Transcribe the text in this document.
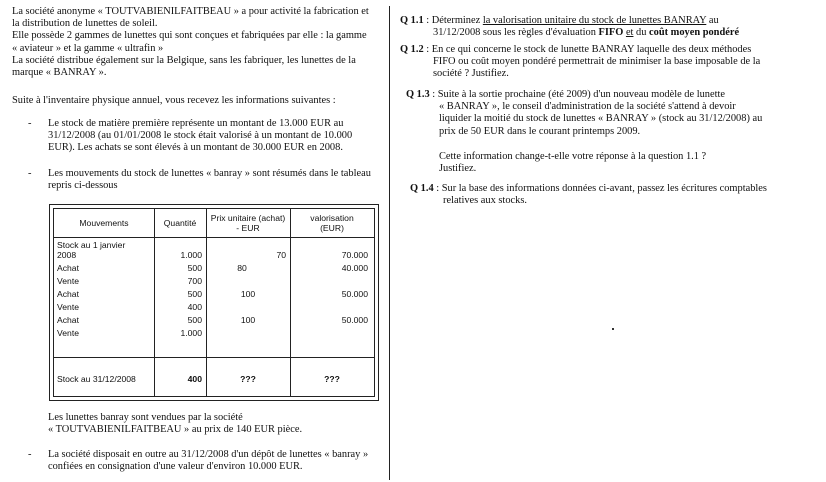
La société anonyme « TOUTVABIENILFAITBEAU » a pour activité la fabrication et

la distribution de lunettes de soleil.

Elle possède 2 gammes de lunettes qui sont conçues et fabriquées par elle : la gamme

« aviateur » et la gamme « ultrafin »

La société distribue également sur la Belgique, sans les fabriquer, les lunettes de la

marque « BANRAY ».

Suite à l'inventaire physique annuel, vous recevez les informations suivantes :
- Le stock de matière première représente un montant de 13.000 EUR au

31/12/2008 (au 01/01/2008 le stock était valorisé à un montant de 10.000

EUR). Les achats se sont élevés à un montant de 30.000 EUR en 2008.

- Les mouvements du stock de lunettes « banray » sont résumés dans le tableau

repris ci-dessous

Mouvements	Quantité	Prix unitaire (achat)
- EUR
valorisation
(EUR)
Stock au 1 janvier
2008	1.000	70	70.000
Achat	500	80	40.000
Vente	700
Achat	500	100	50.000
Vente	400
Achat	500	100	50.000
Vente	1.000
Stock au 31/12/2008	400	???	???

Les lunettes banray sont vendues par la société

« TOUTVABIENILFAITBEAU » au prix de 140 EUR pièce.

- La société disposait en outre au 31/12/2008 d'un dépôt de lunettes « banray »

confiées en consignation d'une valeur d'environ 10.000 EUR.

Q 1.1 : Déterminez la valorisation unitaire du stock de lunettes BANRAY au
31/12/2008 sous les règles d'évaluation FIFO et du coût moyen pondéré
Q 1.2 : En ce qui concerne le stock de lunette BANRAY laquelle des deux méthodes
FIFO ou coût moyen pondéré permettrait de minimiser la base imposable de la
société ? Justifiez.
Q 1.3 : Suite à la sortie prochaine (été 2009) d'un nouveau modèle de lunette
« BANRAY », le conseil d'administration de la société s'attend à devoir
liquider la moitié du stock de lunettes « BANRAY » (stock au 31/12/2008) au
prix de 50 EUR dans le courant printemps 2009.
Cette information change-t-elle votre réponse à la question 1.1 ?
Justifiez.
Q 1.4 : Sur la base des informations données ci-avant, passez les écritures comptables
relatives aux stocks.
